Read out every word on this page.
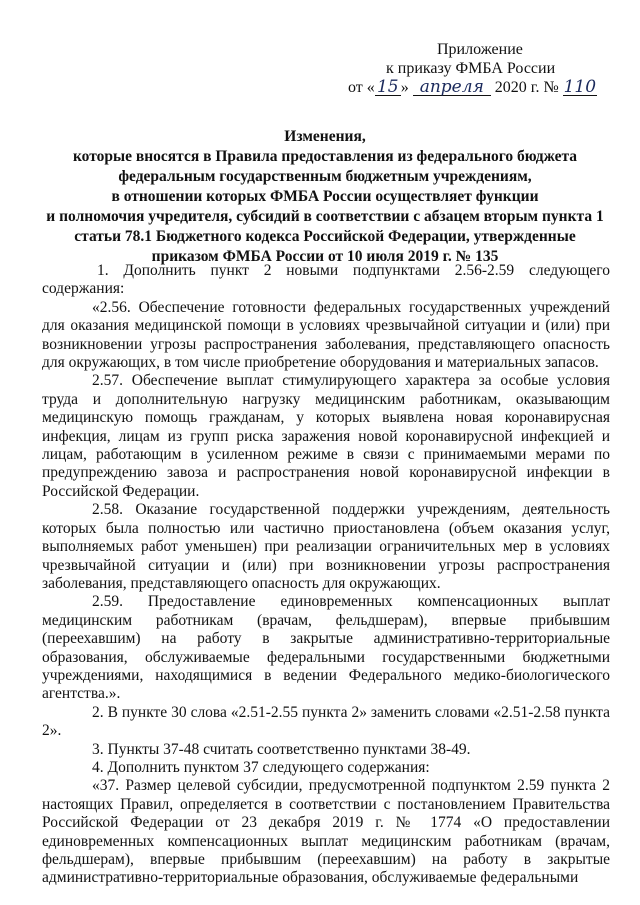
Приложение
к приказу ФМБА России
от « 15 » апреля 2020 г. № 110
Изменения,
которые вносятся в Правила предоставления из федерального бюджета
федеральным государственным бюджетным учреждениям,
в отношении которых ФМБА России осуществляет функции
и полномочия учредителя, субсидий в соответствии с абзацем вторым пункта 1
статьи 78.1 Бюджетного кодекса Российской Федерации, утвержденные
приказом ФМБА России от 10 июля 2019 г. № 135

1. Дополнить пункт 2 новыми подпунктами 2.56-2.59 следующего содержания:

«2.56. Обеспечение готовности федеральных государственных учреждений для оказания медицинской помощи в условиях чрезвычайной ситуации и (или) при возникновении угрозы распространения заболевания, представляющего опасность для окружающих, в том числе приобретение оборудования и материальных запасов.

2.57. Обеспечение выплат стимулирующего характера за особые условия труда и дополнительную нагрузку медицинским работникам, оказывающим медицинскую помощь гражданам, у которых выявлена новая коронавирусная инфекция, лицам из групп риска заражения новой коронавирусной инфекцией и лицам, работающим в усиленном режиме в связи с принимаемыми мерами по предупреждению завоза и распространения новой коронавирусной инфекции в Российской Федерации.

2.58. Оказание государственной поддержки учреждениям, деятельность которых была полностью или частично приостановлена (объем оказания услуг, выполняемых работ уменьшен) при реализации ограничительных мер в условиях чрезвычайной ситуации и (или) при возникновении угрозы распространения заболевания, представляющего опасность для окружающих.

2.59. Предоставление единовременных компенсационных выплат медицинским работникам (врачам, фельдшерам), впервые прибывшим (переехавшим) на работу в закрытые административно-территориальные образования, обслуживаемые федеральными государственными бюджетными учреждениями, находящимися в ведении Федерального медико-биологического агентства.».

2. В пункте 30 слова «2.51-2.55 пункта 2» заменить словами «2.51-2.58 пункта 2».

3. Пункты 37-48 считать соответственно пунктами 38-49.

4. Дополнить пунктом 37 следующего содержания:

«37. Размер целевой субсидии, предусмотренной подпунктом 2.59 пункта 2 настоящих Правил, определяется в соответствии с постановлением Правительства Российской Федерации от 23 декабря 2019 г. № 1774 «О предоставлении единовременных компенсационных выплат медицинским работникам (врачам, фельдшерам), впервые прибывшим (переехавшим) на работу в закрытые административно-территориальные образования, обслуживаемые федеральными
